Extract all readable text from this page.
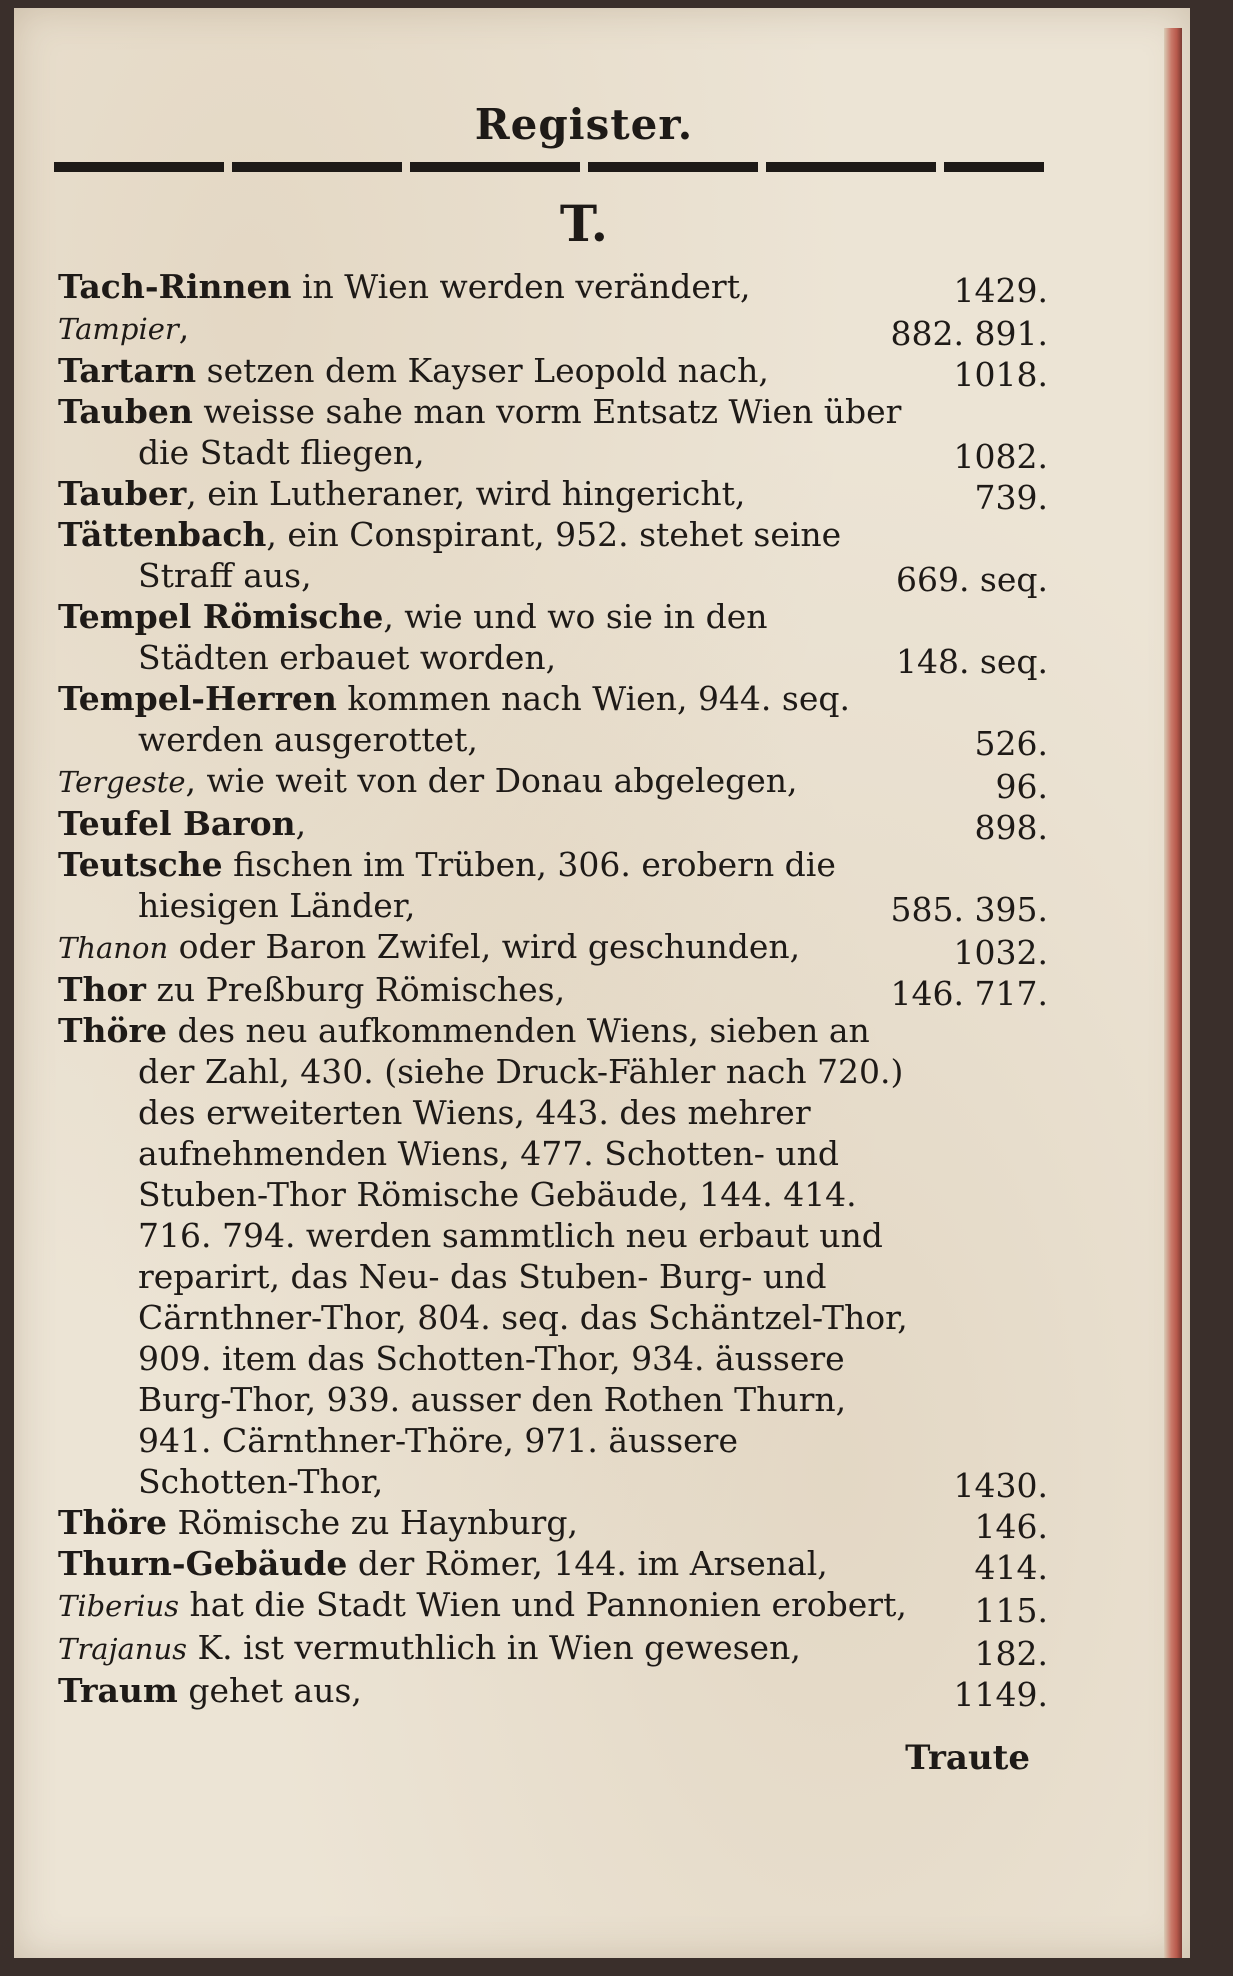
Register.
T.
Tach-Rinnen in Wien werden verändert,	1429.
Tampier,	882. 891.
Tartarn setzen dem Kayser Leopold nach,	1018.
Tauben weisse sahe man vorm Entsatz Wien über die Stadt fliegen,	1082.
Tauber, ein Lutheraner, wird hingericht,	739.
Tättenbach, ein Conspirant, 952. stehet seine Straff aus,	669. seq.
Tempel Römische, wie und wo sie in den Städten erbauet worden,	148. seq.
Tempel-Herren kommen nach Wien, 944. seq. werden ausgerottet,	526.
Tergeste, wie weit von der Donau abgelegen,	96.
Teufel Baron,	898.
Teutsche fischen im Trüben, 306. erobern die hiesigen Länder,	585. 395.
Thanon oder Baron Zwifel, wird geschunden,	1032.
Thor zu Preßburg Römisches,	146. 717.
Thöre des neu aufkommenden Wiens, sieben an der Zahl, 430. (siehe Druck-Fähler nach 720.) des erweiterten Wiens, 443. des mehrer aufnehmenden Wiens, 477. Schotten- und Stuben-Thor Römische Gebäude, 144. 414. 716. 794. werden sammtlich neu erbaut und reparirt, das Neu- das Stuben- Burg- und Cärnthner-Thor, 804. seq. das Schäntzel-Thor, 909. item das Schotten-Thor, 934. äussere Burg-Thor, 939. ausser den Rothen Thurn, 941. Cärnthner-Thöre, 971. äussere Schotten-Thor,	1430.
Thöre Römische zu Haynburg,	146.
Thurn-Gebäude der Römer, 144. im Arsenal,	414.
Tiberius hat die Stadt Wien und Pannonien erobert, 115.
Trajanus K. ist vermuthlich in Wien gewesen,	182.
Traum gehet aus,	1149.
Traute
